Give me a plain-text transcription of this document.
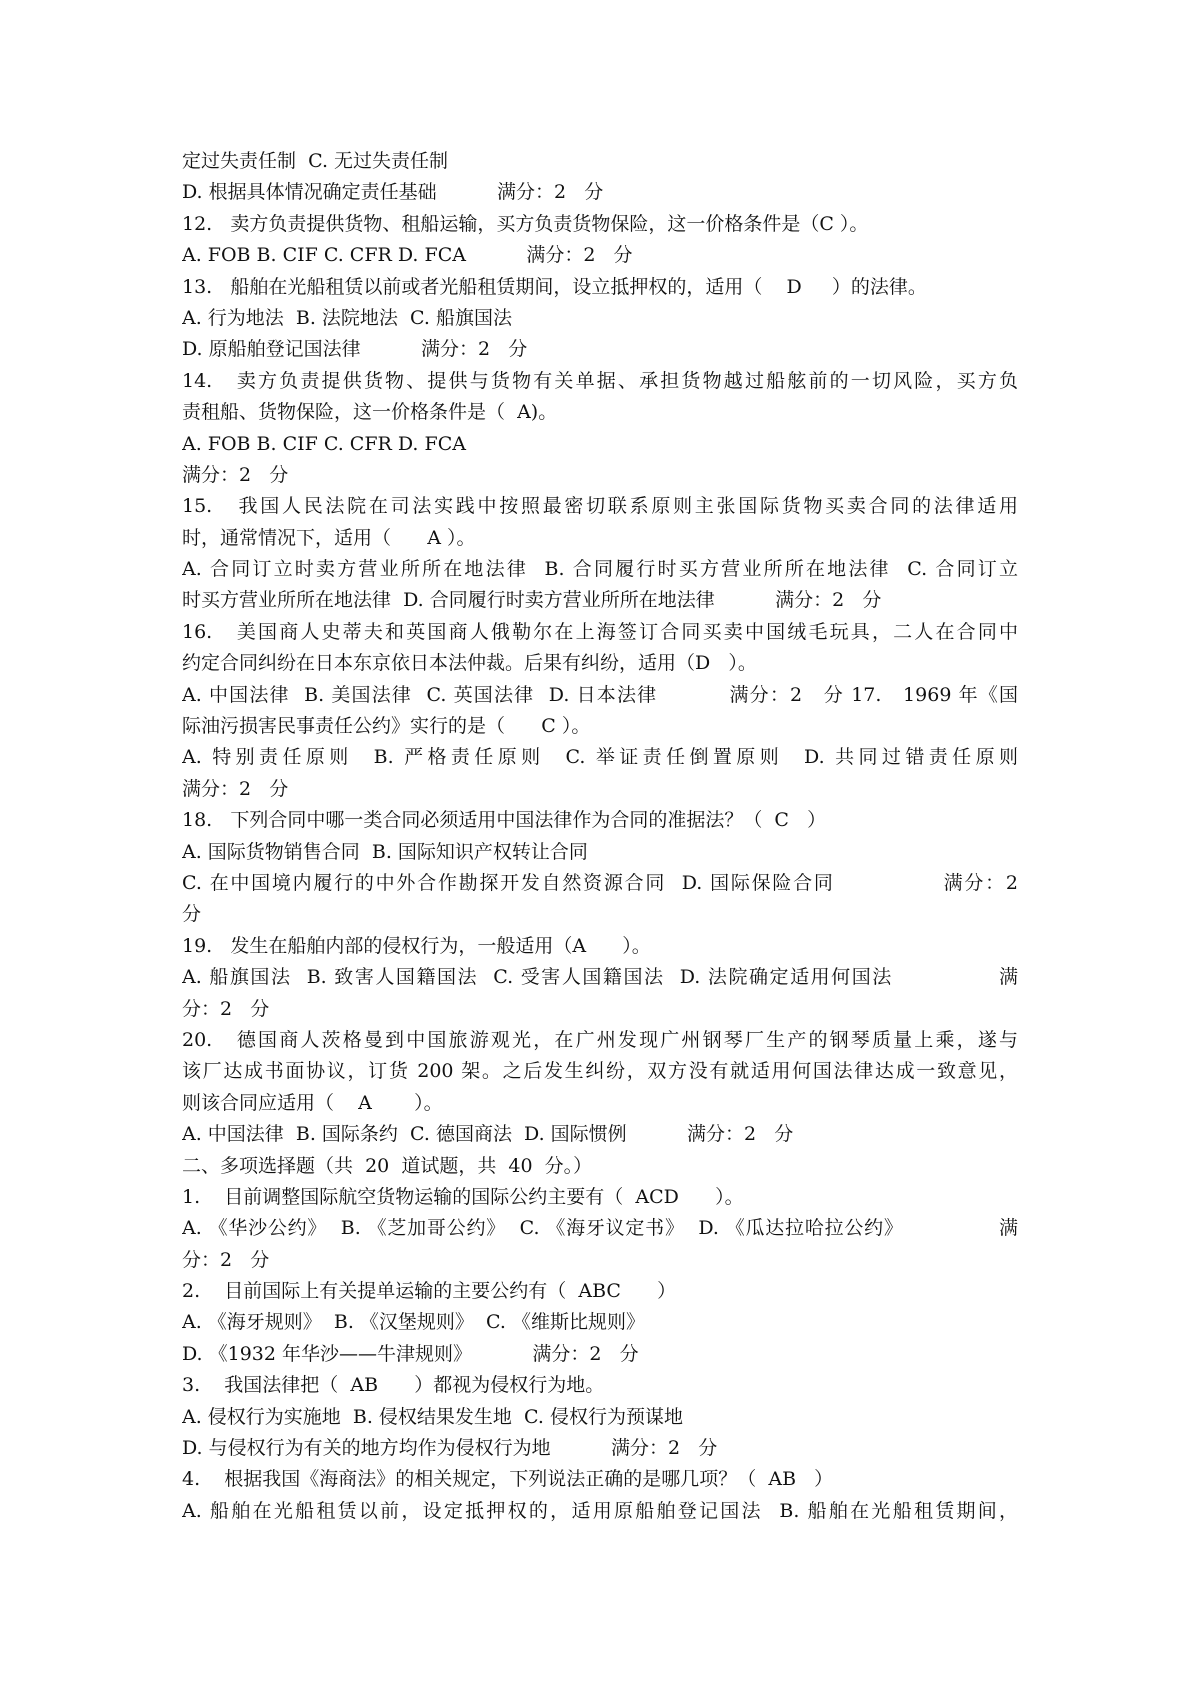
定过失责任制  C. 无过失责任制
D. 根据具体情况确定责任基础          满分：2   分
12.   卖方负责提供货物、租船运输，买方负责货物保险，这一价格条件是（C ）。
A. FOB B. CIF C. CFR D. FCA          满分：2   分
13.   船舶在光船租赁以前或者光船租赁期间，设立抵押权的，适用（    D     ）的法律。
A. 行为地法  B. 法院地法  C. 船旗国法
D. 原船舶登记国法律          满分：2   分
14.   卖方负责提供货物、提供与货物有关单据、承担货物越过船舷前的一切风险，买方负
责租船、货物保险，这一价格条件是（  A)。
A. FOB B. CIF C. CFR D. FCA
满分：2   分
15.   我国人民法院在司法实践中按照最密切联系原则主张国际货物买卖合同的法律适用
时，通常情况下，适用（      A ）。
A. 合同订立时卖方营业所所在地法律  B. 合同履行时买方营业所所在地法律  C. 合同订立
时买方营业所所在地法律  D. 合同履行时卖方营业所所在地法律          满分：2   分
16.   美国商人史蒂夫和英国商人俄勒尔在上海签订合同买卖中国绒毛玩具，二人在合同中
约定合同纠纷在日本东京依日本法仲裁。后果有纠纷，适用（D   ）。
A. 中国法律  B. 美国法律  C. 英国法律  D. 日本法律          满分：2   分 17.   1969 年《国
际油污损害民事责任公约》实行的是（      C ）。
A. 特别责任原则  B. 严格责任原则  C. 举证责任倒置原则  D. 共同过错责任原则
满分：2   分
18.   下列合同中哪一类合同必须适用中国法律作为合同的准据法？（  C   ）
A. 国际货物销售合同  B. 国际知识产权转让合同
C. 在中国境内履行的中外合作勘探开发自然资源合同  D. 国际保险合同              满分：2
分
19.   发生在船舶内部的侵权行为，一般适用（A      ）。
A. 船旗国法  B. 致害人国籍国法  C. 受害人国籍国法  D. 法院确定适用何国法              满
分：2   分
20.   德国商人茨格曼到中国旅游观光，在广州发现广州钢琴厂生产的钢琴质量上乘，遂与
该厂达成书面协议，订货 200 架。之后发生纠纷，双方没有就适用何国法律达成一致意见，
则该合同应适用（    A       ）。
A. 中国法律  B. 国际条约  C. 德国商法  D. 国际惯例          满分：2   分
二、多项选择题（共  20  道试题，共  40  分。）
1.    目前调整国际航空货物运输的国际公约主要有（  ACD      ）。
A. 《华沙公约》  B. 《芝加哥公约》  C. 《海牙议定书》  D. 《瓜达拉哈拉公约》              满
分：2   分
2.    目前国际上有关提单运输的主要公约有（  ABC      ）
A. 《海牙规则》  B. 《汉堡规则》  C. 《维斯比规则》
D. 《1932 年华沙——牛津规则》          满分：2   分
3.    我国法律把（  AB      ）都视为侵权行为地。
A. 侵权行为实施地  B. 侵权结果发生地  C. 侵权行为预谋地
D. 与侵权行为有关的地方均作为侵权行为地          满分：2   分
4.    根据我国《海商法》的相关规定，下列说法正确的是哪几项？（  AB   ）
A. 船舶在光船租赁以前，设定抵押权的，适用原船舶登记国法  B. 船舶在光船租赁期间，
